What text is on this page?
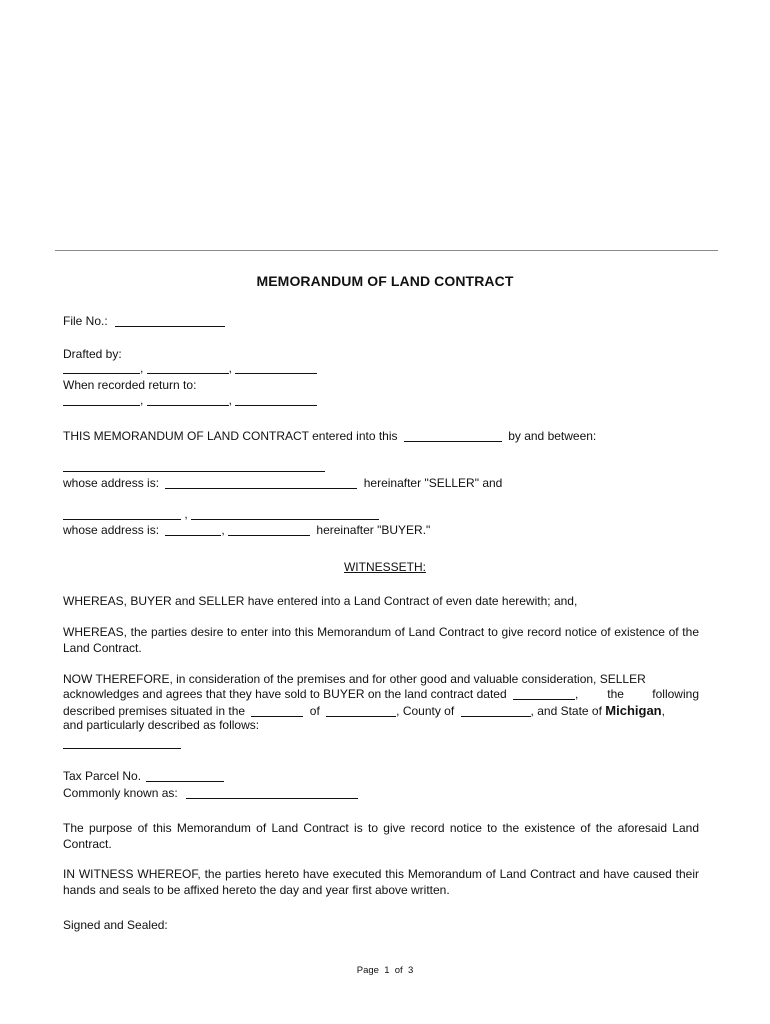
MEMORANDUM OF LAND CONTRACT
File No.:
Drafted by:
,	,
When recorded return to:
,	,
THIS MEMORANDUM OF LAND CONTRACT entered into this	by and between:
whose address is:	hereinafter "SELLER" and
,
whose address is:	,	hereinafter "BUYER."
WITNESSETH:
WHEREAS, BUYER and SELLER have entered into a Land Contract of even date herewith; and,
WHEREAS, the parties desire to enter into this Memorandum of Land Contract to give record notice of existence of the Land Contract.
NOW THEREFORE, in consideration of the premises and for other good and valuable consideration, SELLER
acknowledges and agrees that they have sold to BUYER on the land contract dated	, the following
described premises situated in the	of	, County of	, and State of Michigan,
and particularly described as follows:
Tax Parcel No.
Commonly known as:
The purpose of this Memorandum of Land Contract is to give record notice to the existence of the aforesaid Land Contract.
IN WITNESS WHEREOF, the parties hereto have executed this Memorandum of Land Contract and have caused their hands and seals to be affixed hereto the day and year first above written.
Signed and Sealed:
Page  1  of  3
